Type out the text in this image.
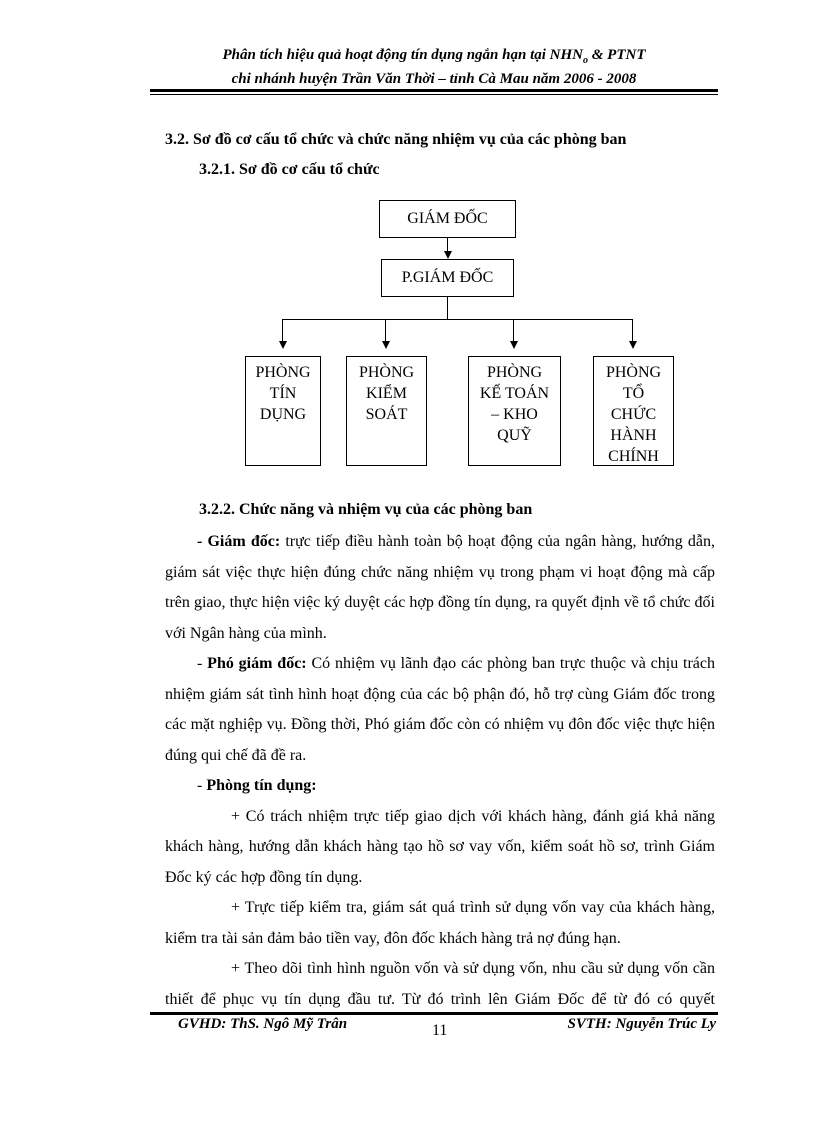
Phân tích hiệu quả hoạt động tín dụng ngắn hạn tại $NHN_o$ & PTNT
chi nhánh huyện Trần Văn Thời – tỉnh Cà Mau năm 2006 - 2008
3.2. Sơ đồ cơ cấu tổ chức và chức năng nhiệm vụ của các phòng ban
3.2.1. Sơ đồ cơ cấu tổ chức
GIÁM ĐỐC
P.GIÁM ĐỐC
PHÒNG
TÍN
DỤNG
PHÒNG
KIỂM
SOÁT
PHÒNG
KẾ TOÁN
– KHO
QUỸ
PHÒNG
TỔ
CHỨC
HÀNH
CHÍNH
3.2.2. Chức năng và nhiệm vụ của các phòng ban

- Giám đốc: trực tiếp điều hành toàn bộ hoạt động của ngân hàng, hướng dẫn, giám sát việc thực hiện đúng chức năng nhiệm vụ trong phạm vi hoạt động mà cấp trên giao, thực hiện việc ký duyệt các hợp đồng tín dụng, ra quyết định về tổ chức đối với Ngân hàng của mình.

- Phó giám đốc: Có nhiệm vụ lãnh đạo các phòng ban trực thuộc và chịu trách nhiệm giám sát tình hình hoạt động của các bộ phận đó, hỗ trợ cùng Giám đốc trong các mặt nghiệp vụ. Đồng thời, Phó giám đốc còn có nhiệm vụ đôn đốc việc thực hiện đúng qui chế đã đề ra.

- Phòng tín dụng:

+ Có trách nhiệm trực tiếp giao dịch với khách hàng, đánh giá khả năng khách hàng, hướng dẫn khách hàng tạo hồ sơ vay vốn, kiểm soát hồ sơ, trình Giám Đốc ký các hợp đồng tín dụng.

+ Trực tiếp kiểm tra, giám sát quá trình sử dụng vốn vay của khách hàng, kiểm tra tài sản đảm bảo tiền vay, đôn đốc khách hàng trả nợ đúng hạn.

+ Theo dõi tình hình nguồn vốn và sử dụng vốn, nhu cầu sử dụng vốn cần thiết để phục vụ tín dụng đầu tư. Từ đó trình lên Giám Đốc để từ đó có quyết

GVHD: ThS. Ngô Mỹ Trân	11	SVTH: Nguyễn Trúc Ly
